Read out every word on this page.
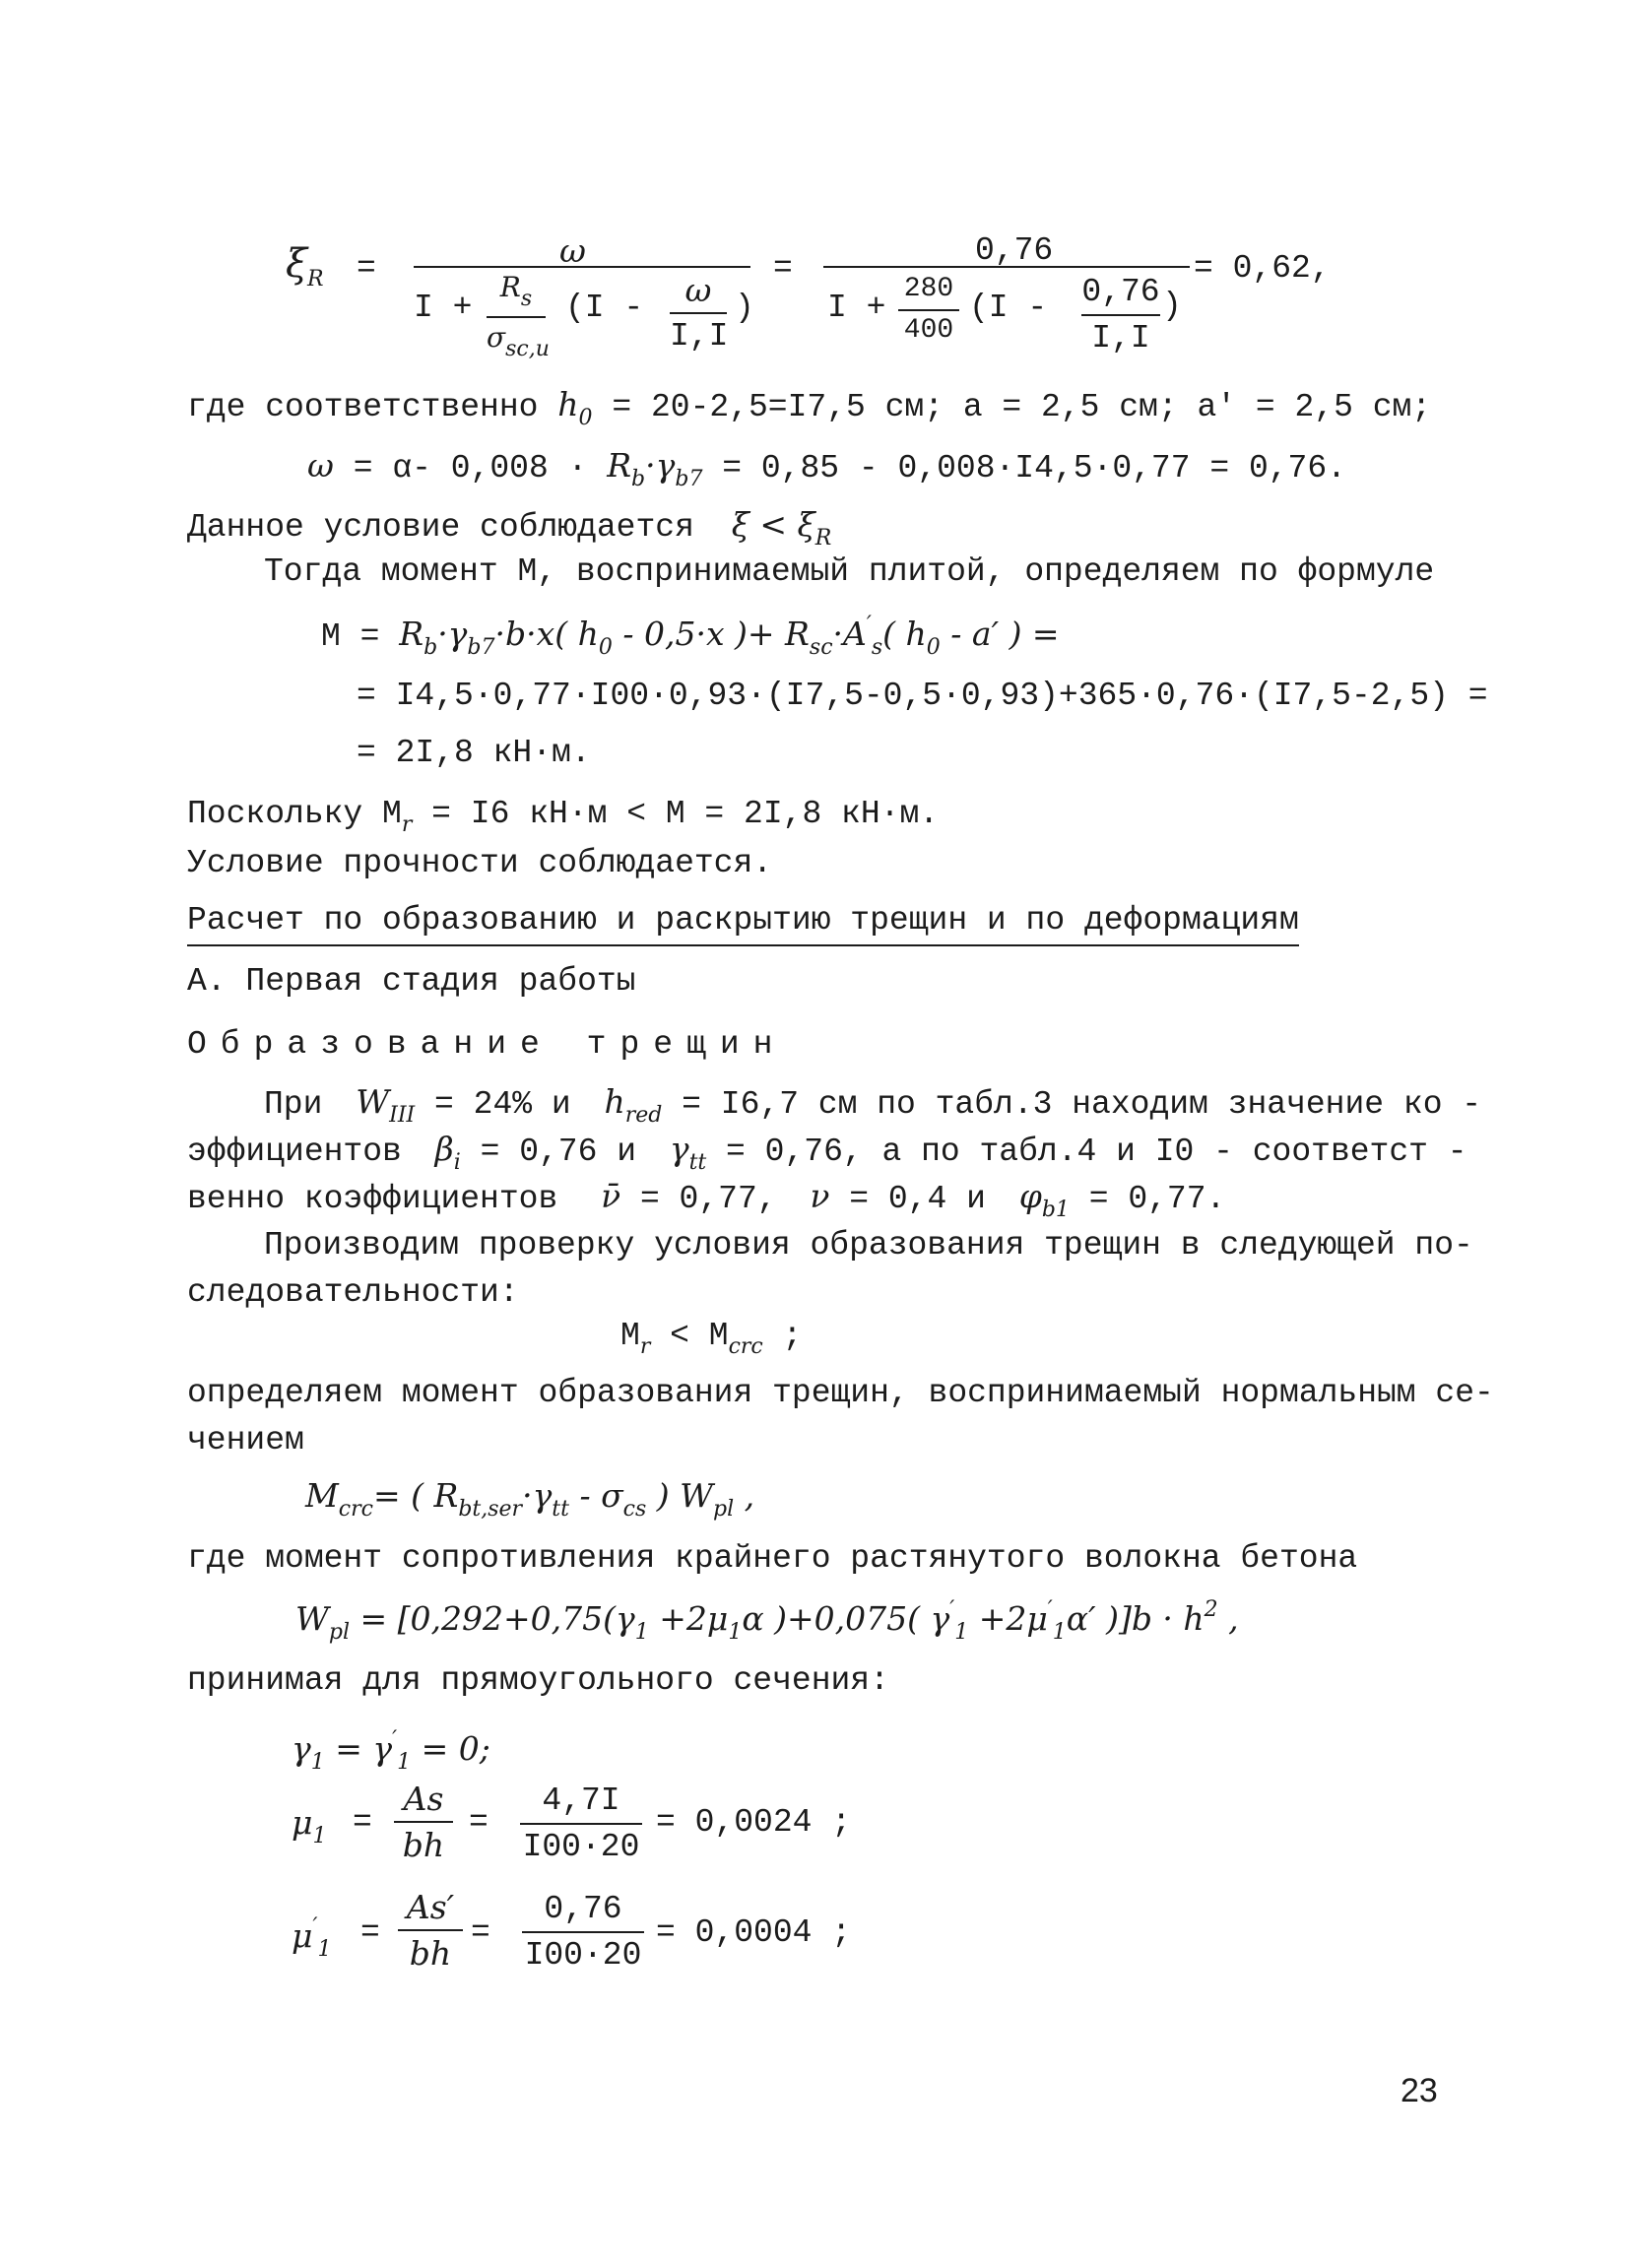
$\xi_R$ =	ω
I +
$R_s$
$\sigma_{sc,u}$
(I -	ω
I,I
)
=	0,76
I +
280
400
(I - 0,76
I,I
)
= 0,62,
где соответственно $h_0 = 20-2,5=I7,5$ см; a = 2,5 см; a′ = 2,5 см;
ω = α- $0,008 \cdot R_b\cdot\gamma_{b7} = 0,85 - 0,008\cdot I4,5\cdot 0,77 = 0,76$.
Данное условие соблюдается $\xi < \xi_R$
Тогда момент М, воспринимаемый плитой, определяем по формуле
$M = R_b\cdot\gamma_{b7}\cdot b\cdot x$( $h_0 - 0,5\cdot x$ )+ $R_{sc}\cdot A'_s$( $h_0 - a'$ ) =
= I4,5·0,77·I00·0,93·(I7,5-0,5·0,93)+365·0,76·(I7,5-2,5) =
= 2I,8 кН·м.
Поскольку $М_r = I6$ кН·м < М = 2I,8 кН·м.
Условие прочности соблюдается.
Расчет по образованию и раскрытию трещин и по деформациям
А. Первая стадия работы
Образование трещин
При $W_{III} = 24\%$ и $h_{red} = I6,7$ см по табл.3 находим значение ко -
эффициентов $\beta_i = 0,76$ и $\gamma_{tt} = 0,76$, а по табл.4 и I0 - соответст -
венно коэффициентов ν̄ = 0,77, ν = 0,4 и $\varphi_{b1} = 0,77$.
Производим проверку условия образования трещин в следующей по-
следовательности:
$M_r < M_{crc}$ ;
определяем момент образования трещин, воспринимаемый нормальным се-
чением
$M_{crc}=$ ( $R_{bt,ser}\cdot\gamma_{tt} - \sigma_{cs}$ ) $W_{pl}$ ,
где момент сопротивления крайнего растянутого волокна бетона
$W_{pl} = [0,292+0,75(\gamma_1 +2\mu_1\alpha$ )+0,075( $\gamma'_1 +2\mu'_1\alpha'$ )]$b \cdot h^2$ ,
принимая для прямоугольного сечения:
$\gamma_1 = \gamma'_1 = 0$;
$\mu_1$ =
As
bh
=
4,7I
I00·20
= 0,0024 ;
$\mu'_1$ =
As′
bh
=
0,76
I00·20
= 0,0004 ;
23
